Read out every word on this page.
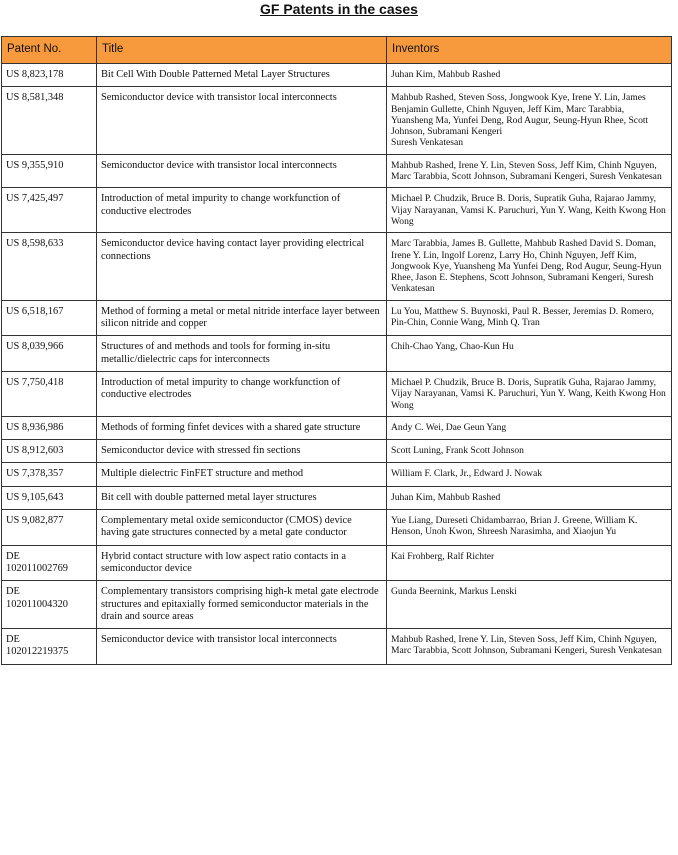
GF Patents in the cases
Patent No.	Title	Inventors
US 8,823,178	Bit Cell With Double Patterned Metal Layer Structures	Juhan Kim, Mahbub Rashed
US 8,581,348	Semiconductor device with transistor local interconnects	Mahbub Rashed, Steven Soss, Jongwook Kye, Irene Y. Lin, James Benjamin Gullette, Chinh Nguyen, Jeff Kim, Marc Tarabbia, Yuansheng Ma, Yunfei Deng, Rod Augur, Seung-Hyun Rhee, Scott Johnson, Subramani Kengeri
Suresh Venkatesan
US 9,355,910	Semiconductor device with transistor local interconnects	Mahbub Rashed, Irene Y. Lin, Steven Soss, Jeff Kim, Chinh Nguyen, Marc Tarabbia, Scott Johnson, Subramani Kengeri, Suresh Venkatesan
US 7,425,497	Introduction of metal impurity to change workfunction of conductive electrodes	Michael P. Chudzik, Bruce B. Doris, Supratik Guha, Rajarao Jammy, Vijay Narayanan, Vamsi K. Paruchuri, Yun Y. Wang, Keith Kwong Hon Wong
US 8,598,633	Semiconductor device having contact layer providing electrical connections	Marc Tarabbia, James B. Gullette, Mahbub Rashed David S. Doman, Irene Y. Lin, Ingolf Lorenz, Larry Ho, Chinh Nguyen, Jeff Kim, Jongwook Kye, Yuansheng Ma Yunfei Deng, Rod Augur, Seung-Hyun Rhee, Jason E. Stephens, Scott Johnson, Subramani Kengeri, Suresh Venkatesan
US 6,518,167	Method of forming a metal or metal nitride interface layer between silicon nitride and copper	Lu You, Matthew S. Buynoski, Paul R. Besser, Jeremias D. Romero, Pin-Chin, Connie Wang, Minh Q. Tran
US 8,039,966	Structures of and methods and tools for forming in-situ metallic/dielectric caps for interconnects	Chih-Chao Yang, Chao-Kun Hu
US 7,750,418	Introduction of metal impurity to change workfunction of conductive electrodes	Michael P. Chudzik, Bruce B. Doris, Supratik Guha, Rajarao Jammy, Vijay Narayanan, Vamsi K. Paruchuri, Yun Y. Wang, Keith Kwong Hon Wong
US 8,936,986	Methods of forming finfet devices with a shared gate structure	Andy C. Wei, Dae Geun Yang
US 8,912,603	Semiconductor device with stressed fin sections	Scott Luning, Frank Scott Johnson
US 7,378,357	Multiple dielectric FinFET structure and method	William F. Clark, Jr., Edward J. Nowak
US 9,105,643	Bit cell with double patterned metal layer structures	Juhan Kim, Mahbub Rashed
US 9,082,877	Complementary metal oxide semiconductor (CMOS) device having gate structures connected by a metal gate conductor	Yue Liang, Dureseti Chidambarrao, Brian J. Greene, William K. Henson, Unoh Kwon, Shreesh Narasimha, and Xiaojun Yu
DE
102011002769	Hybrid contact structure with low aspect ratio contacts in a semiconductor device	Kai Frohberg, Ralf Richter
DE
102011004320	Complementary transistors comprising high-k metal gate electrode structures and epitaxially formed semiconductor materials in the drain and source areas	Gunda Beernink, Markus Lenski
DE
102012219375	Semiconductor device with transistor local interconnects	Mahbub Rashed, Irene Y. Lin, Steven Soss, Jeff Kim, Chinh Nguyen, Marc Tarabbia, Scott Johnson, Subramani Kengeri, Suresh Venkatesan
